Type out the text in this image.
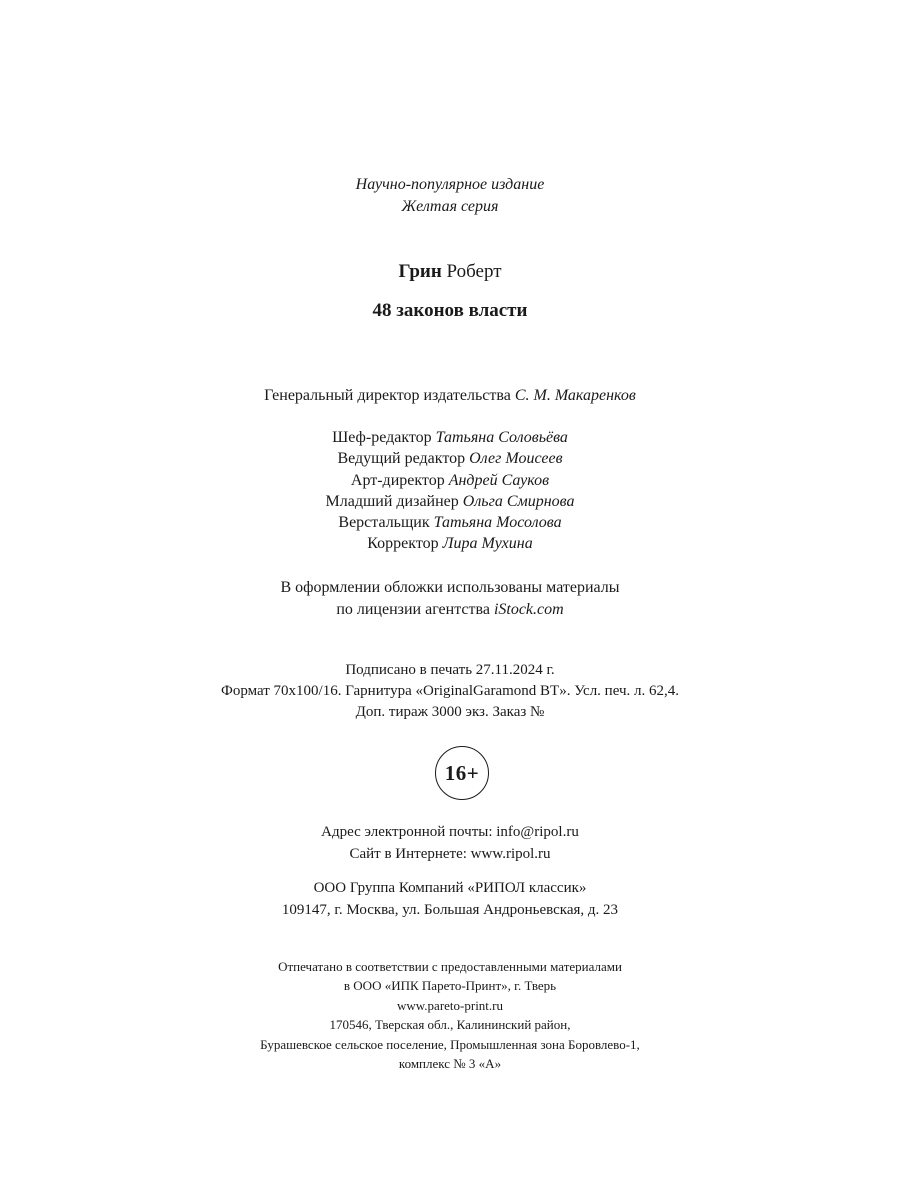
Научно-популярное издание
Желтая серия
Грин Роберт
48 законов власти
Генеральный директор издательства С. М. Макаренков
Шеф-редактор Татьяна Соловьёва
Ведущий редактор Олег Моисеев
Арт-директор Андрей Сауков
Младший дизайнер Ольга Смирнова
Верстальщик Татьяна Мосолова
Корректор Лира Мухина
В оформлении обложки использованы материалы
по лицензии агентства iStock.com
Подписано в печать 27.11.2024 г.
Формат 70x100/16. Гарнитура «OriginalGaramond BT». Усл. печ. л. 62,4.
Доп. тираж 3000 экз. Заказ №
16+
Адрес электронной почты: info@ripol.ru
Сайт в Интернете: www.ripol.ru
ООО Группа Компаний «РИПОЛ классик»
109147, г. Москва, ул. Большая Андроньевская, д. 23
Отпечатано в соответствии с предоставленными материалами
в ООО «ИПК Парето-Принт», г. Тверь
www.pareto-print.ru
170546, Тверская обл., Калининский район,
Бурашевское сельское поселение, Промышленная зона Боровлево-1,
комплекс № 3 «А»
